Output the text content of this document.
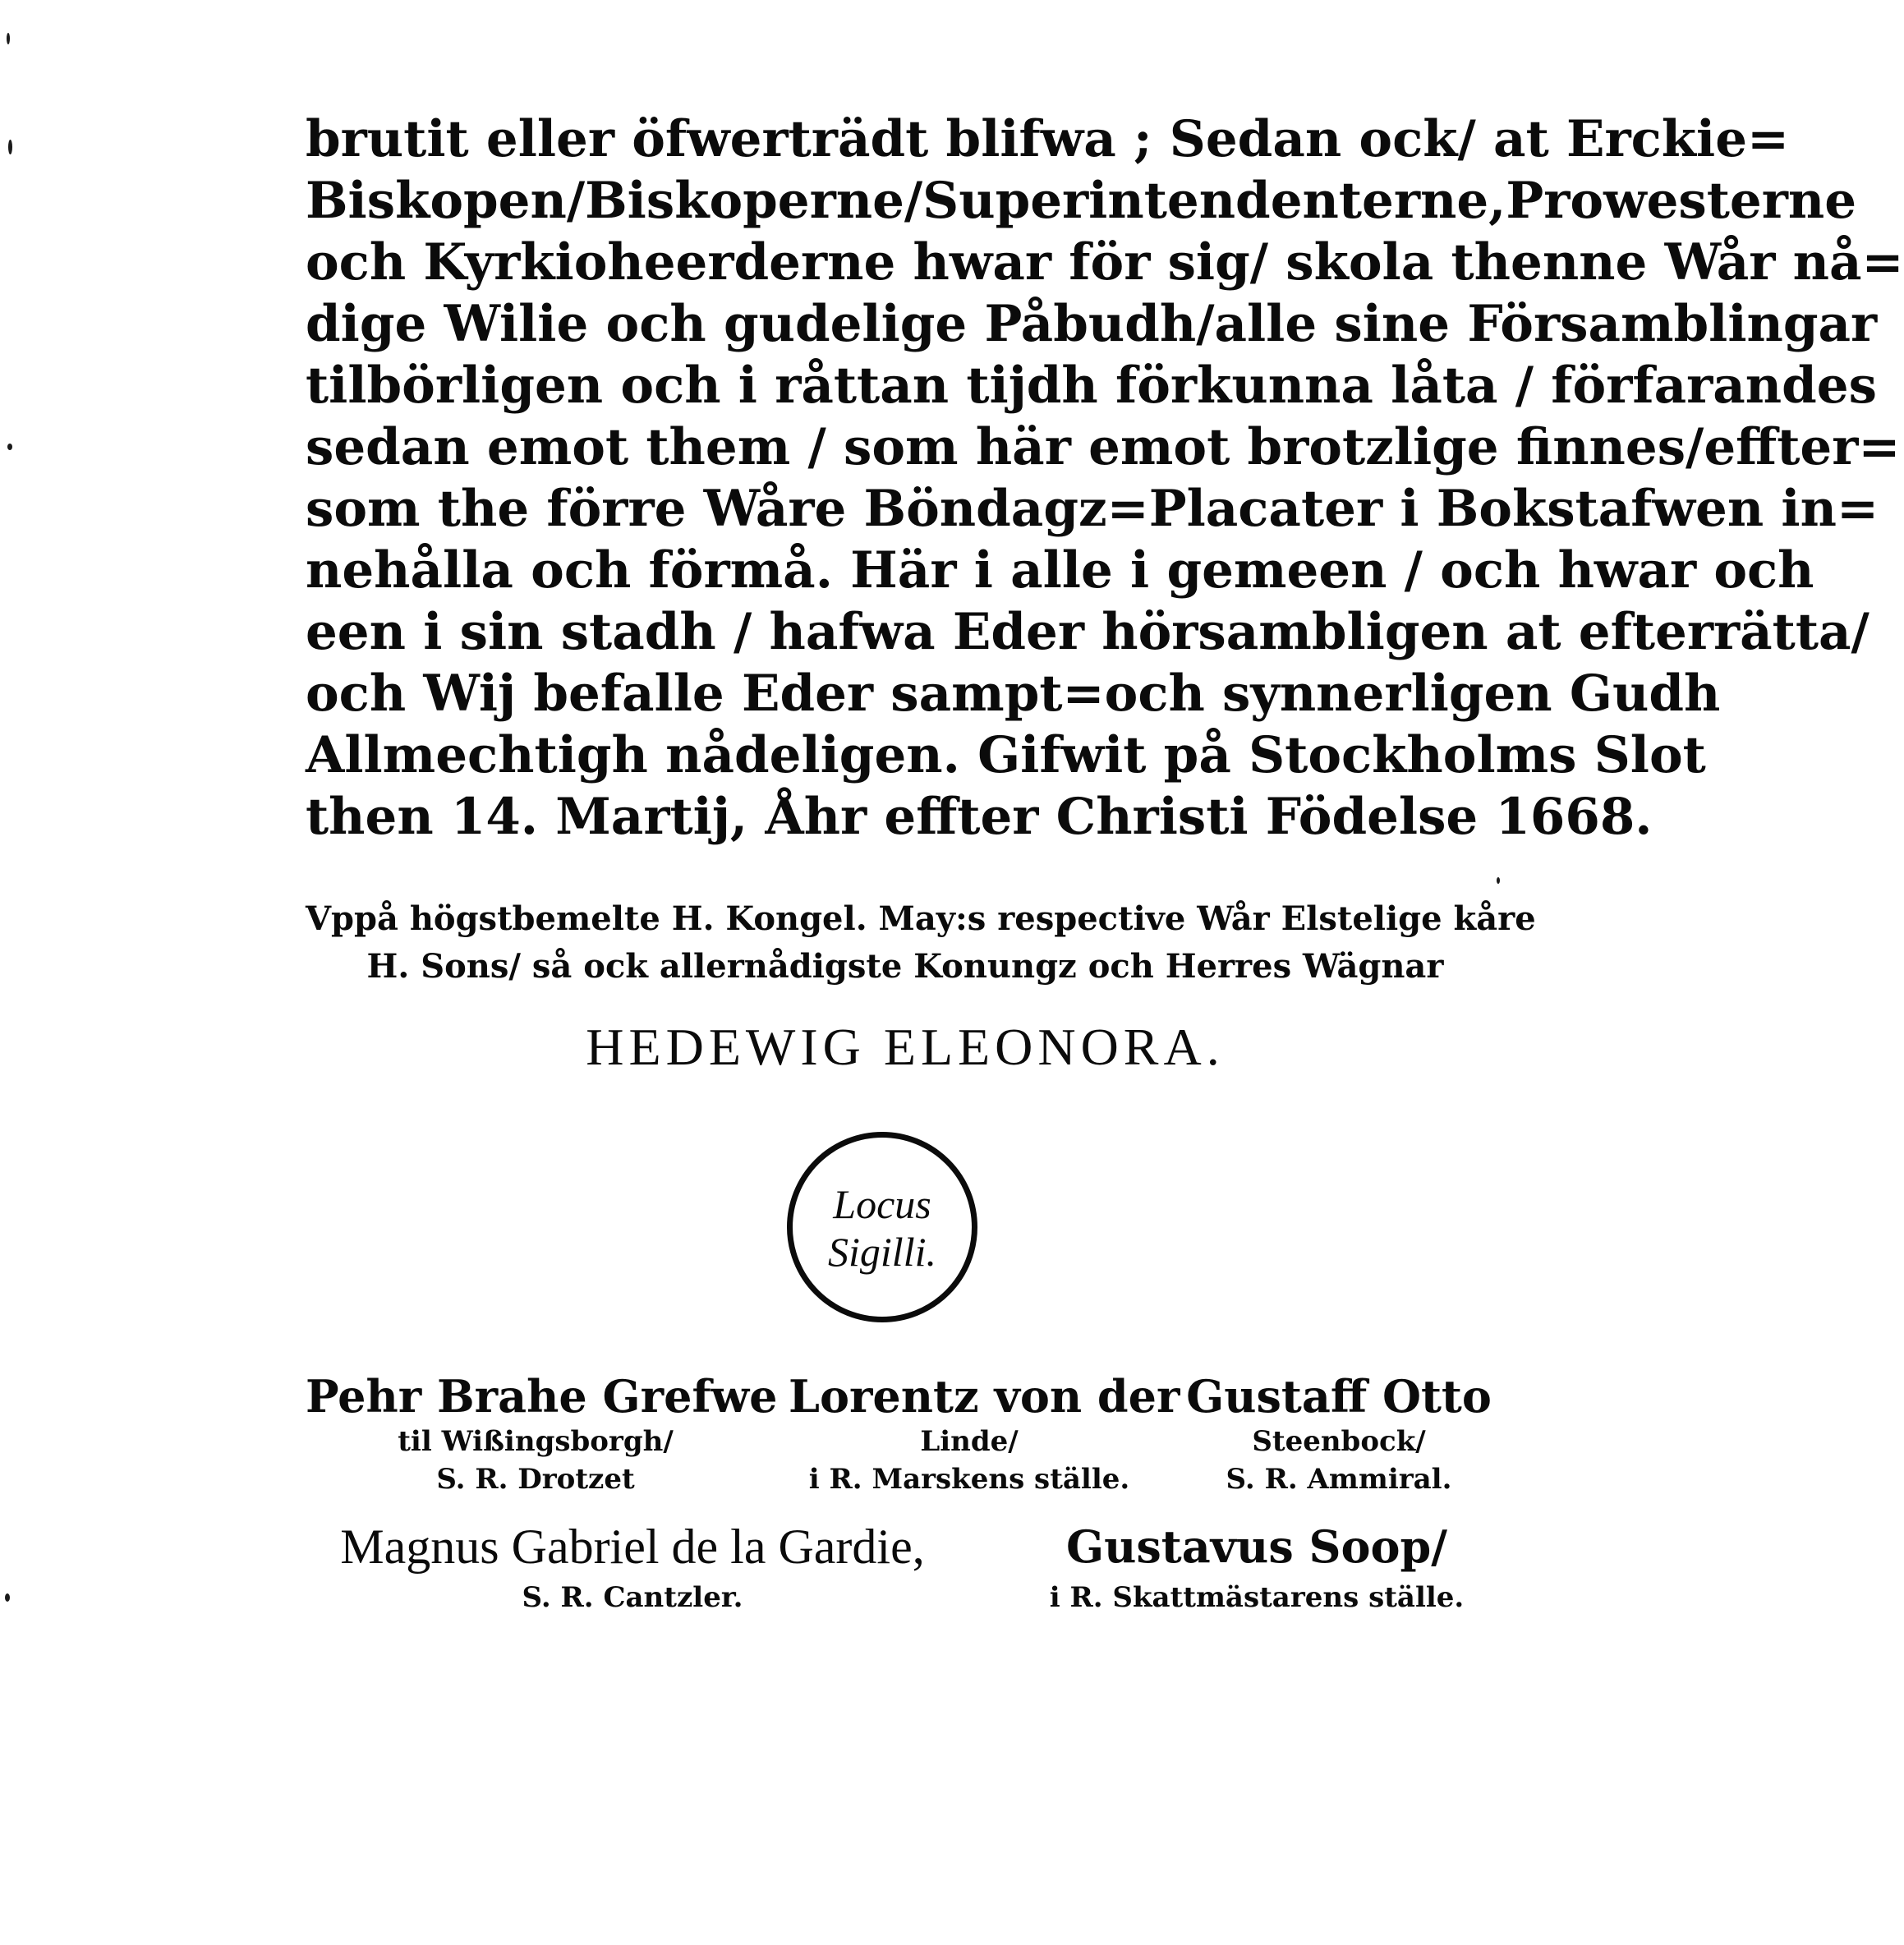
brutit eller öfwerträdt blifwa ; Sedan ock/ at Erckie=
Biskopen/Biskoperne/Superintendenterne,Prowesterne
och Kyrkioheerderne hwar för sig/ skola thenne Wår nå=
dige Wilie och gudelige Påbudh/alle sine Församblingar
tilbörligen och i råttan tijdh förkunna låta / förfarandes
sedan emot them / som här emot brotzlige finnes/effter=
som the förre Wåre Böndagz=Placater i Bokstafwen in=
nehålla och förmå. Här i alle i gemeen / och hwar och
een i sin stadh / hafwa Eder hörsambligen at efterrätta/
och Wij befalle Eder sampt=och synnerligen Gudh
Allmechtigh nådeligen. Gifwit på Stockholms Slot
then 14. Martij, Åhr effter Christi Födelse 1668.
Vppå högstbemelte H. Kongel. May:s respective Wår Elstelige kåre
H. Sons/ så ock allernådigste Konungz och Herres Wägnar
HEDEWIG ELEONORA.
Locus
Sigilli.
Pehr Brahe Grefwe
til Wißingsborgh/
S. R. Drotzet
Lorentz von der
Linde/
i R. Marskens ställe.
Gustaff Otto
Steenbock/
S. R. Ammiral.
Magnus Gabriel de la Gardie,
S. R. Cantzler.
Gustavus Soop/
i R. Skattmästarens ställe.
